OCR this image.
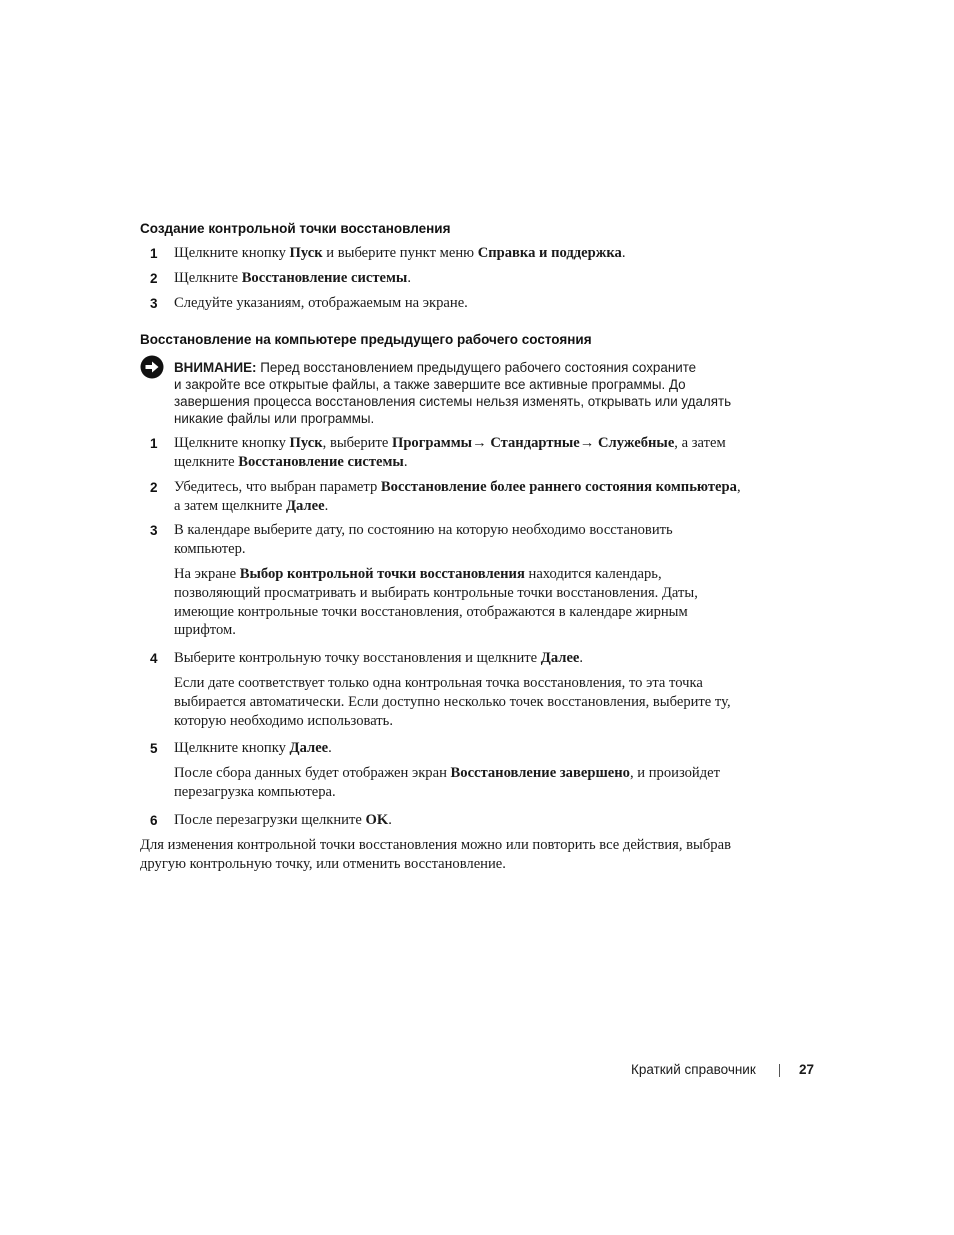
Создание контрольной точки восстановления
1 Щелкните кнопку Пуск и выберите пункт меню Справка и поддержка.
2 Щелкните Восстановление системы.
3 Следуйте указаниям, отображаемым на экране.
Восстановление на компьютере предыдущего рабочего состояния
ВНИМАНИЕ: Перед восстановлением предыдущего рабочего состояния сохраните
и закройте все открытые файлы, а также завершите все активные программы. До
завершения процесса восстановления системы нельзя изменять, открывать или удалять
никакие файлы или программы.
1 Щелкните кнопку Пуск, выберите Программы→ Стандартные→ Служебные, а затем
щелкните Восстановление системы.
2 Убедитесь, что выбран параметр Восстановление более раннего состояния компьютера,
а затем щелкните Далее.
3 В календаре выберите дату, по состоянию на которую необходимо восстановить
компьютер.
На экране Выбор контрольной точки восстановления находится календарь,
позволяющий просматривать и выбирать контрольные точки восстановления. Даты,
имеющие контрольные точки восстановления, отображаются в календаре жирным
шрифтом.
4 Выберите контрольную точку восстановления и щелкните Далее.
Если дате соответствует только одна контрольная точка восстановления, то эта точка
выбирается автоматически. Если доступно несколько точек восстановления, выберите ту,
которую необходимо использовать.
5 Щелкните кнопку Далее.
После сбора данных будет отображен экран Восстановление завершено, и произойдет
перезагрузка компьютера.
6 После перезагрузки щелкните OK.
Для изменения контрольной точки восстановления можно или повторить все действия, выбрав
другую контрольную точку, или отменить восстановление.
Краткий справочник	27
